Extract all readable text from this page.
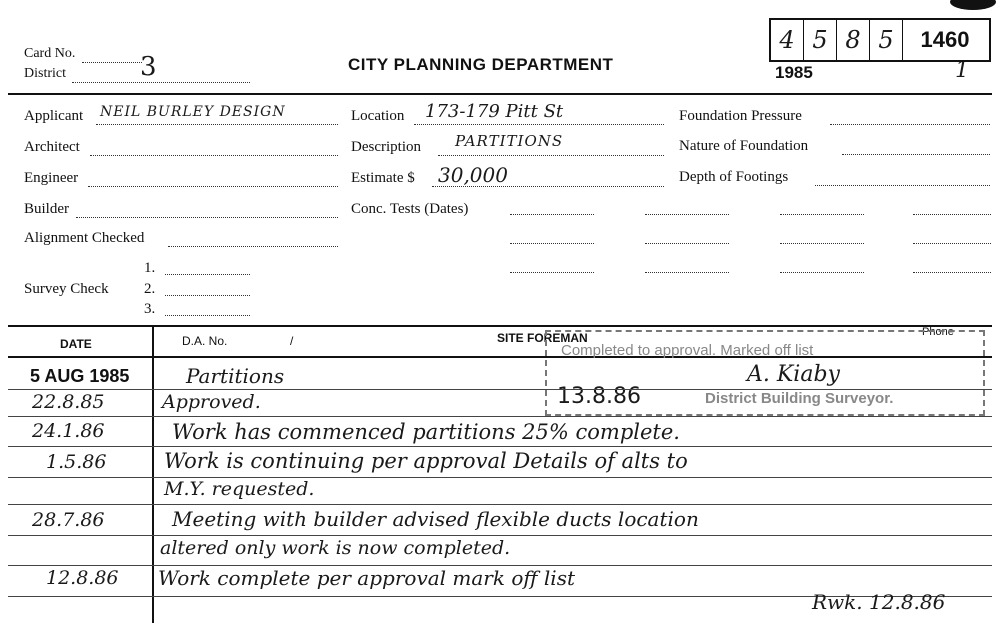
Card No.
District	3	CITY PLANNING DEPARTMENT	1985	1
4 5 8 5	1460
Applicant NEIL BURLEY DESIGN
Architect
Engineer
Builder
Alignment Checked
Survey Check
1.
2.
3.
Location 173-179 Pitt St
Description PARTITIONS
Estimate $ 30,000
Conc. Tests (Dates)
Foundation Pressure
Nature of Foundation
Depth of Footings
DATE	D.A. No.	/	SITE FOREMAN	Phone
Completed to approval. Marked off list
13.8.86
A. Kiaby
District Building Surveyor.
5 AUG 1985	Partitions
22.8.85	Approved.
24.1.86	Work has commenced partitions 25% complete.
1.5.86	Work is continuing per approval Details of alts to
M.Y. requested.
28.7.86	Meeting with builder advised flexible ducts location
altered only work is now completed.
12.8.86 Work complete per approval mark off list
Rwk. 12.8.86
